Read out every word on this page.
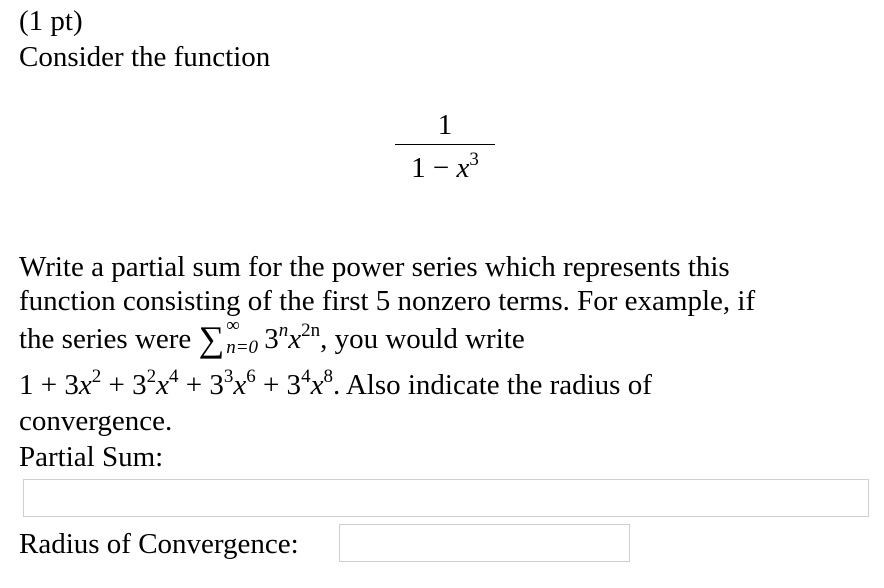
(1 pt)
Consider the function
1
$1 - x^3$
Write a partial sum for the power series which represents this
function consisting of the first 5 nonzero terms. For example, if
the series were ∑ ∞
n=0 $3^nx^{2n}$, you would write
$1 + 3x^2 + 3^2x^4 + 3^3x^6 + 3^4x^8$. Also indicate the radius of
convergence.
Partial Sum:
Radius of Convergence:
